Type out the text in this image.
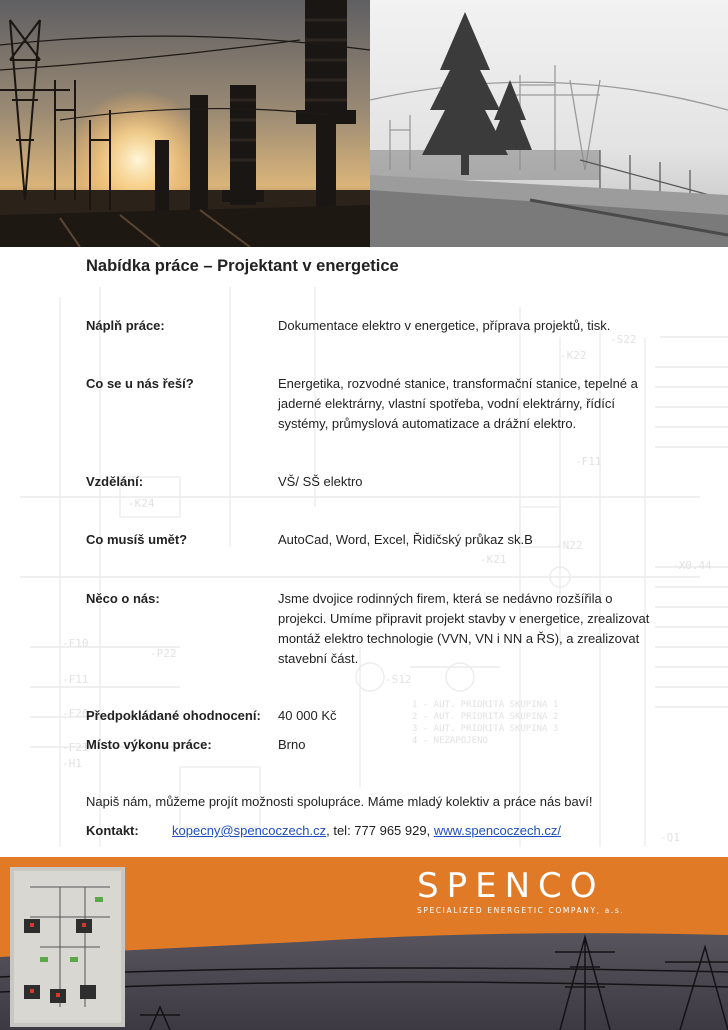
-S22
-K22
-F11
-K24
-N22
-K21
-F10
-F11
-F20
-F21
-S12
-P22
-H1
-Q1
-X0.44
1 - AUT. PRIORITA SKUPINA 1
2 - AUT. PRIORITA SKUPINA 2
3 - AUT. PRIORITA SKUPINA 3
4 - NEZAPOJENO
Nabídka práce – Projektant v energetice
Náplň práce:	Dokumentace elektro v energetice, příprava projektů, tisk.
Co se u nás řeší?	Energetika, rozvodné stanice, transformační stanice, tepelné a jaderné elektrárny, vlastní spotřeba, vodní elektrárny, řídící systémy, průmyslová automatizace a drážní elektro.
Vzdělání:	VŠ/ SŠ elektro
Co musíš umět?	AutoCad, Word, Excel, Řidičský průkaz sk.B
Něco o nás:	Jsme dvojice rodinných firem, která se nedávno rozšířila o projekci. Umíme připravit projekt stavby v energetice, zrealizovat montáž elektro technologie (VVN, VN i NN a ŘS), a zrealizovat stavební část.
Předpokládané ohodnocení: 40 000 Kč
Místo výkonu práce:	Brno
Napiš nám, můžeme projít možnosti spolupráce. Máme mladý kolektiv a práce nás baví!
Kontakt:	kopecny@spencoczech.cz, tel: 777 965 929, www.spencoczech.cz/
SPENCO
SPECIALIZED ENERGETIC COMPANY, a.s.
